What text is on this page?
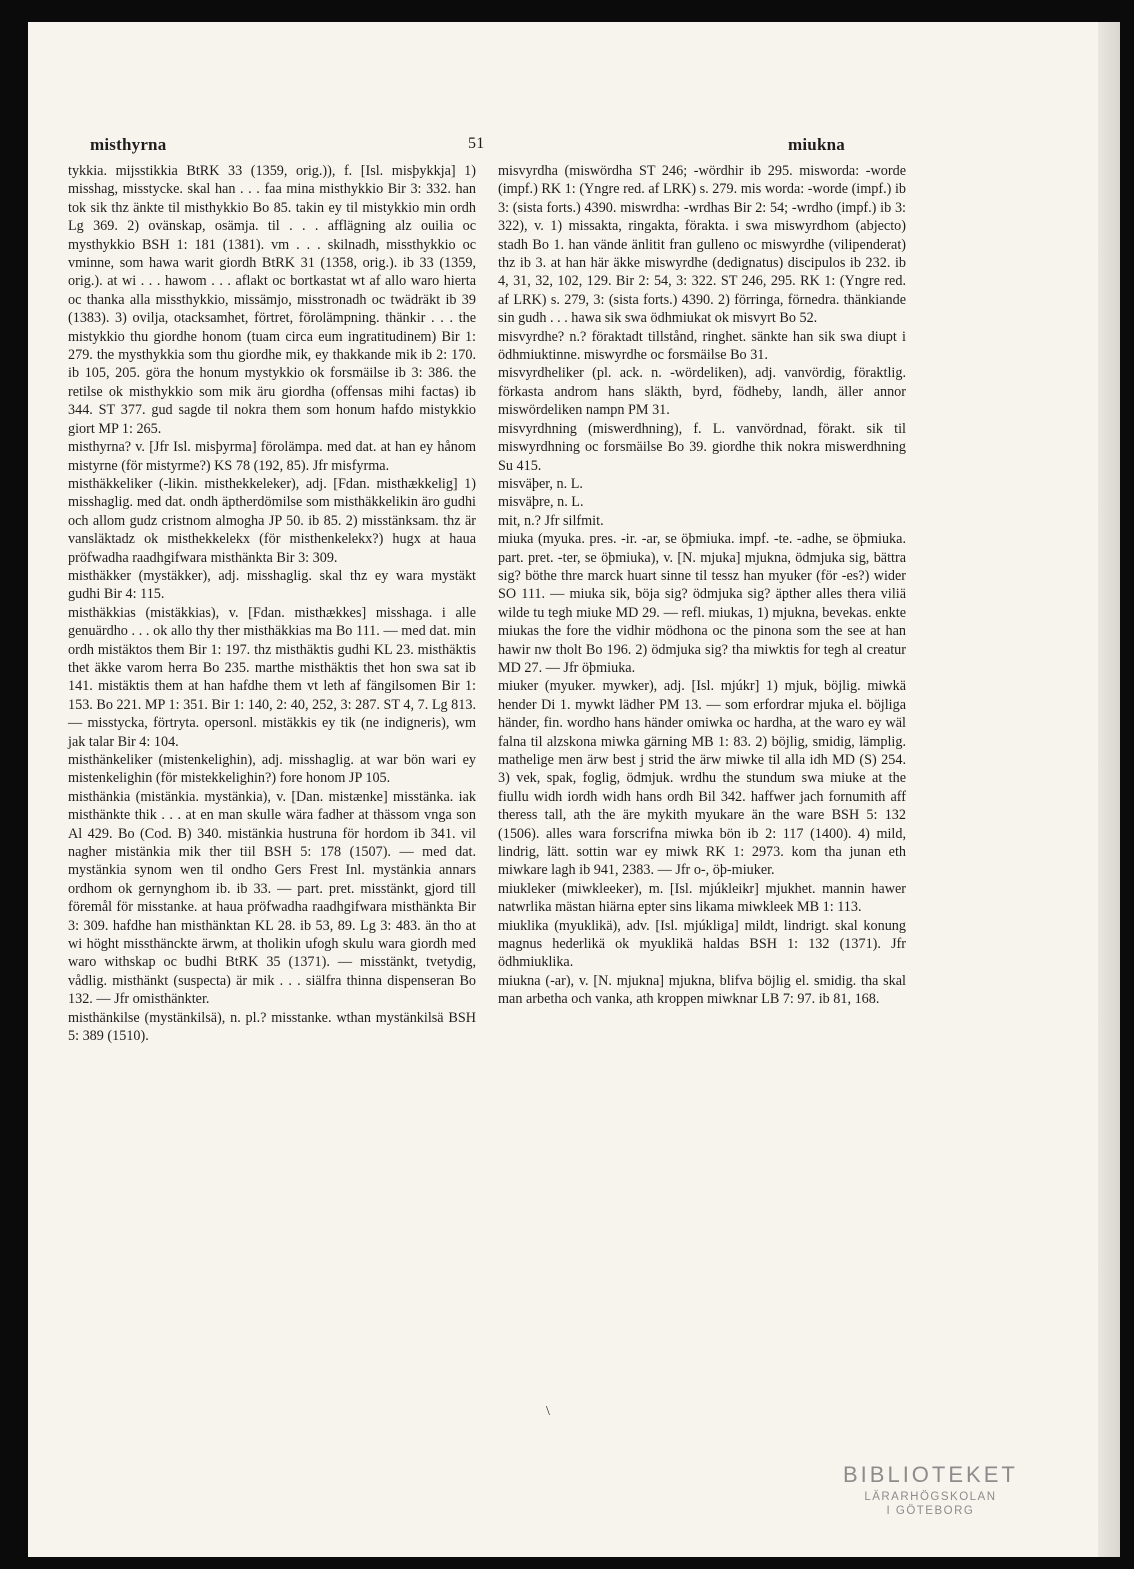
misthyrna	51	miukna

tykkia. mijsstikkia BtRK 33 (1359, orig.)), f. [Isl. misþykkja] 1) misshag, misstycke. skal han . . . faa mina misthykkio Bir 3: 332. han tok sik thz änkte til misthykkio Bo 85. takin ey til mistykkio min ordh Lg 369. 2) ovänskap, osämja. til . . . afflägning alz ouilia oc mysthykkio BSH 1: 181 (1381). vm . . . skilnadh, missthykkio oc vminne, som hawa warit giordh BtRK 31 (1358, orig.). ib 33 (1359, orig.). at wi . . . hawom . . . aflakt oc bortkastat wt af allo waro hierta oc thanka alla missthykkio, missämjo, misstronadh oc twädräkt ib 39 (1383). 3) ovilja, otacksamhet, förtret, förolämpning. thänkir . . . the mistykkio thu giordhe honom (tuam circa eum ingratitudinem) Bir 1: 279. the mysthykkia som thu giordhe mik, ey thakkande mik ib 2: 170. ib 105, 205. göra the honum mystykkio ok forsmäilse ib 3: 386. the retilse ok misthykkio som mik äru giordha (offensas mihi factas) ib 344. ST 377. gud sagde til nokra them som honum hafdo mistykkio giort MP 1: 265.

misthyrna? v. [Jfr Isl. misþyrma] förolämpa. med dat. at han ey hånom mistyrne (för mistyrme?) KS 78 (192, 85). Jfr misfyrma.

misthäkkeliker (-likin. misthekkeleker), adj. [Fdan. misthækkelig] 1) misshaglig. med dat. ondh äptherdömilse som misthäkkelikin äro gudhi och allom gudz cristnom almogha JP 50. ib 85. 2) misstänksam. thz är vansläktadz ok misthekkelekx (för misthenkelekx?) hugx at haua pröfwadha raadhgifwara misthänkta Bir 3: 309.

misthäkker (mystäkker), adj. misshaglig. skal thz ey wara mystäkt gudhi Bir 4: 115.

misthäkkias (mistäkkias), v. [Fdan. misthækkes] misshaga. i alle genuärdho . . . ok allo thy ther misthäkkias ma Bo 111. — med dat. min ordh mistäktos them Bir 1: 197. thz misthäktis gudhi KL 23. misthäktis thet äkke varom herra Bo 235. marthe misthäktis thet hon swa sat ib 141. mistäktis them at han hafdhe them vt leth af fängilsomen Bir 1: 153. Bo 221. MP 1: 351. Bir 1: 140, 2: 40, 252, 3: 287. ST 4, 7. Lg 813. — misstycka, förtryta. opersonl. mistäkkis ey tik (ne indigneris), wm jak talar Bir 4: 104.

misthänkeliker (mistenkelighin), adj. misshaglig. at war bön wari ey mistenkelighin (för mistekkelighin?) fore honom JP 105.

misthänkia (mistänkia. mystänkia), v. [Dan. mistænke] misstänka. iak misthänkte thik . . . at en man skulle wära fadher at thässom vnga son Al 429. Bo (Cod. B) 340. mistänkia hustruna för hordom ib 341. vil nagher mistänkia mik ther tiil BSH 5: 178 (1507). — med dat. mystänkia synom wen til ondho Gers Frest Inl. mystänkia annars ordhom ok gernynghom ib. ib 33. — part. pret. misstänkt, gjord till föremål för misstanke. at haua pröfwadha raadhgifwara misthänkta Bir 3: 309. hafdhe han misthänktan KL 28. ib 53, 89. Lg 3: 483. än tho at wi höght missthänckte ärwm, at tholikin ufogh skulu wara giordh med waro withskap oc budhi BtRK 35 (1371). — misstänkt, tvetydig, vådlig. misthänkt (suspecta) är mik . . . siälfra thinna dispenseran Bo 132. — Jfr omisthänkter.

misthänkilse (mystänkilsä), n. pl.? misstanke. wthan mystänkilsä BSH 5: 389 (1510).

misvyrdha (miswördha ST 246; -wördhir ib 295. misworda: -worde (impf.) RK 1: (Yngre red. af LRK) s. 279. mis worda: -worde (impf.) ib 3: (sista forts.) 4390. miswrdha: -wrdhas Bir 2: 54; -wrdho (impf.) ib 3: 322), v. 1) missakta, ringakta, förakta. i swa miswyrdhom (abjecto) stadh Bo 1. han vände änlitit fran gulleno oc miswyrdhe (vilipenderat) thz ib 3. at han här äkke miswyrdhe (dedignatus) discipulos ib 232. ib 4, 31, 32, 102, 129. Bir 2: 54, 3: 322. ST 246, 295. RK 1: (Yngre red. af LRK) s. 279, 3: (sista forts.) 4390. 2) förringa, förnedra. thänkiande sin gudh . . . hawa sik swa ödhmiukat ok misvyrt Bo 52.

misvyrdhe? n.? föraktadt tillstånd, ringhet. sänkte han sik swa diupt i ödhmiuktinne. miswyrdhe oc forsmäilse Bo 31.

misvyrdheliker (pl. ack. n. -wördeliken), adj. vanvördig, föraktlig. förkasta androm hans släkth, byrd, födheby, landh, äller annor miswördeliken nampn PM 31.

misvyrdhning (miswerdhning), f. L. vanvördnad, förakt. sik til miswyrdhning oc forsmäilse Bo 39. giordhe thik nokra miswerdhning Su 415.

misväþer, n. L.

misväþre, n. L.

mit, n.? Jfr silfmit.

miuka (myuka. pres. -ir. -ar, se öþmiuka. impf. -te. -adhe, se öþmiuka. part. pret. -ter, se öþmiuka), v. [N. mjuka] mjukna, ödmjuka sig, bättra sig? böthe thre marck huart sinne til tessz han myuker (för -es?) wider SO 111. — miuka sik, böja sig? ödmjuka sig? äpther alles thera viliä wilde tu tegh miuke MD 29. — refl. miukas, 1) mjukna, bevekas. enkte miukas the fore the vidhir mödhona oc the pinona som the see at han hawir nw tholt Bo 196. 2) ödmjuka sig? tha miwktis for tegh al creatur MD 27. — Jfr öþmiuka.

miuker (myuker. mywker), adj. [Isl. mjúkr] 1) mjuk, böjlig. miwkä hender Di 1. mywkt lädher PM 13. — som erfordrar mjuka el. böjliga händer, fin. wordho hans händer omiwka oc hardha, at the waro ey wäl falna til alzskona miwka gärning MB 1: 83. 2) böjlig, smidig, lämplig. mathelige men ärw best j strid the ärw miwke til alla idh MD (S) 254. 3) vek, spak, foglig, ödmjuk. wrdhu the stundum swa miuke at the fiullu widh iordh widh hans ordh Bil 342. haffwer jach fornumith aff theress tall, ath the äre mykith myukare än the ware BSH 5: 132 (1506). alles wara forscrifna miwka bön ib 2: 117 (1400). 4) mild, lindrig, lätt. sottin war ey miwk RK 1: 2973. kom tha junan eth miwkare lagh ib 941, 2383. — Jfr o-, öþ-miuker.

miukleker (miwkleeker), m. [Isl. mjúkleikr] mjukhet. mannin hawer natwrlika mästan hiärna epter sins likama miwkleek MB 1: 113.

miuklika (myuklikä), adv. [Isl. mjúkliga] mildt, lindrigt. skal konung magnus hederlikä ok myuklikä haldas BSH 1: 132 (1371). Jfr ödhmiuklika.

miukna (-ar), v. [N. mjukna] mjukna, blifva böjlig el. smidig. tha skal man arbetha och vanka, ath kroppen miwknar LB 7: 97. ib 81, 168.

\
BIBLIOTEKET
LÄRARHÖGSKOLAN
I GÖTEBORG
